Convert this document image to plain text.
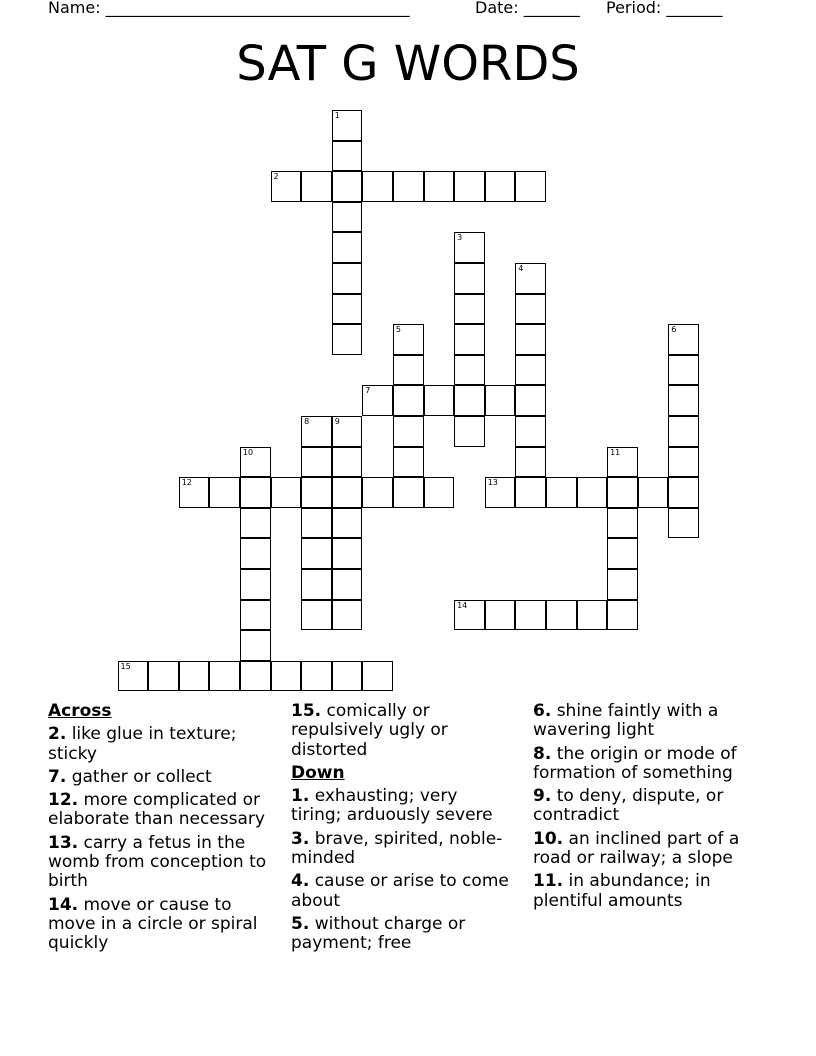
Name: ______________________________________	Date: _______ Period: _______
SAT G WORDS
1
2
3
4
5	6
7
8	9
10	11
12	13
14
15
Across
2. like glue in texture; sticky
7. gather or collect
12. more complicated or elaborate than necessary
13. carry a fetus in the womb from conception to birth
14. move or cause to move in a circle or spiral quickly
15. comically or repulsively ugly or distorted
Down
1. exhausting; very tiring; arduously severe
3. brave, spirited, noble-minded
4. cause or arise to come about
5. without charge or payment; free
6. shine faintly with a wavering light
8. the origin or mode of formation of something
9. to deny, dispute, or contradict
10. an inclined part of a road or railway; a slope
11. in abundance; in plentiful amounts
